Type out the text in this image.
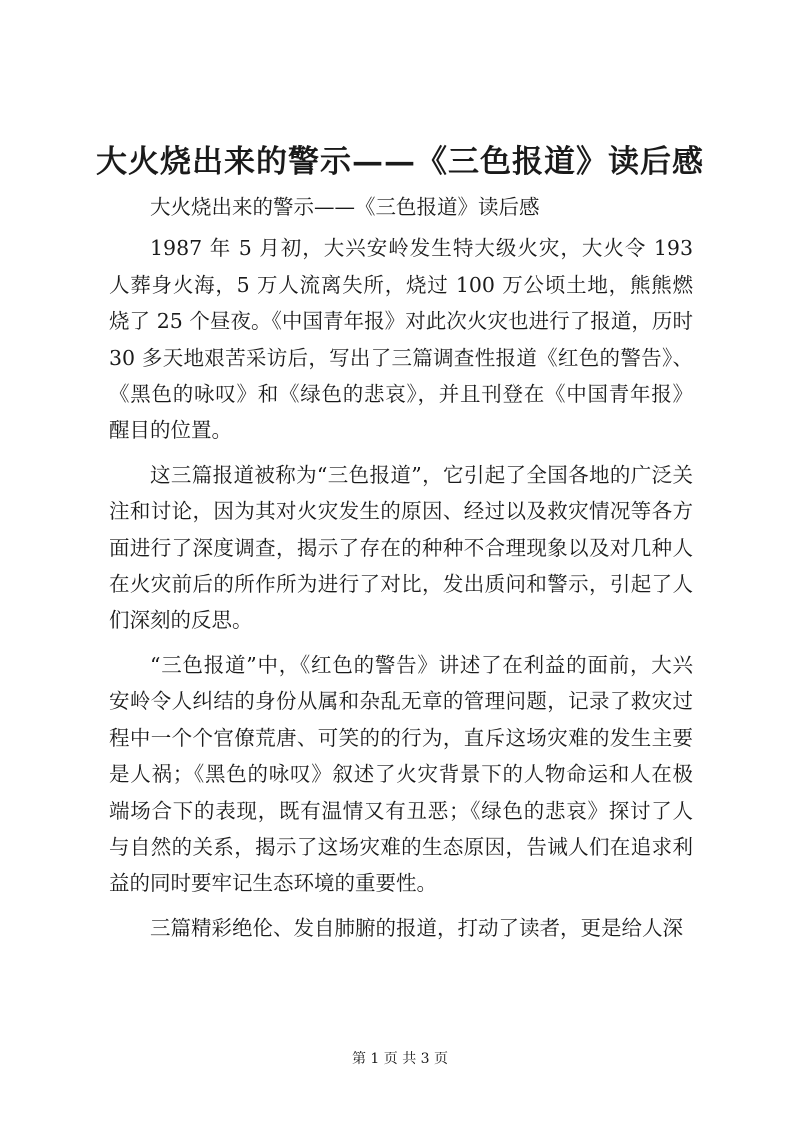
大火烧出来的警示——《三色报道》读后感

大火烧出来的警示——《三色报道》读后感

1987 年 5 月初，大兴安岭发生特大级火灾，大火令 193 人葬身火海，5 万人流离失所，烧过 100 万公顷土地，熊熊燃烧了 25 个昼夜。《中国青年报》对此次火灾也进行了报道，历时 30 多天地艰苦采访后，写出了三篇调查性报道《红色的警告》、《黑色的咏叹》和《绿色的悲哀》，并且刊登在《中国青年报》醒目的位置。

这三篇报道被称为“三色报道”，它引起了全国各地的广泛关注和讨论，因为其对火灾发生的原因、经过以及救灾情况等各方面进行了深度调查，揭示了存在的种种不合理现象以及对几种人在火灾前后的所作所为进行了对比，发出质问和警示，引起了人们深刻的反思。

“三色报道”中，《红色的警告》讲述了在利益的面前，大兴安岭令人纠结的身份从属和杂乱无章的管理问题，记录了救灾过程中一个个官僚荒唐、可笑的的行为，直斥这场灾难的发生主要是人祸；《黑色的咏叹》叙述了火灾背景下的人物命运和人在极端场合下的表现，既有温情又有丑恶；《绿色的悲哀》探讨了人与自然的关系，揭示了这场灾难的生态原因，告诫人们在追求利益的同时要牢记生态环境的重要性。

三篇精彩绝伦、发自肺腑的报道，打动了读者，更是给人深

第 1 页 共 3 页
